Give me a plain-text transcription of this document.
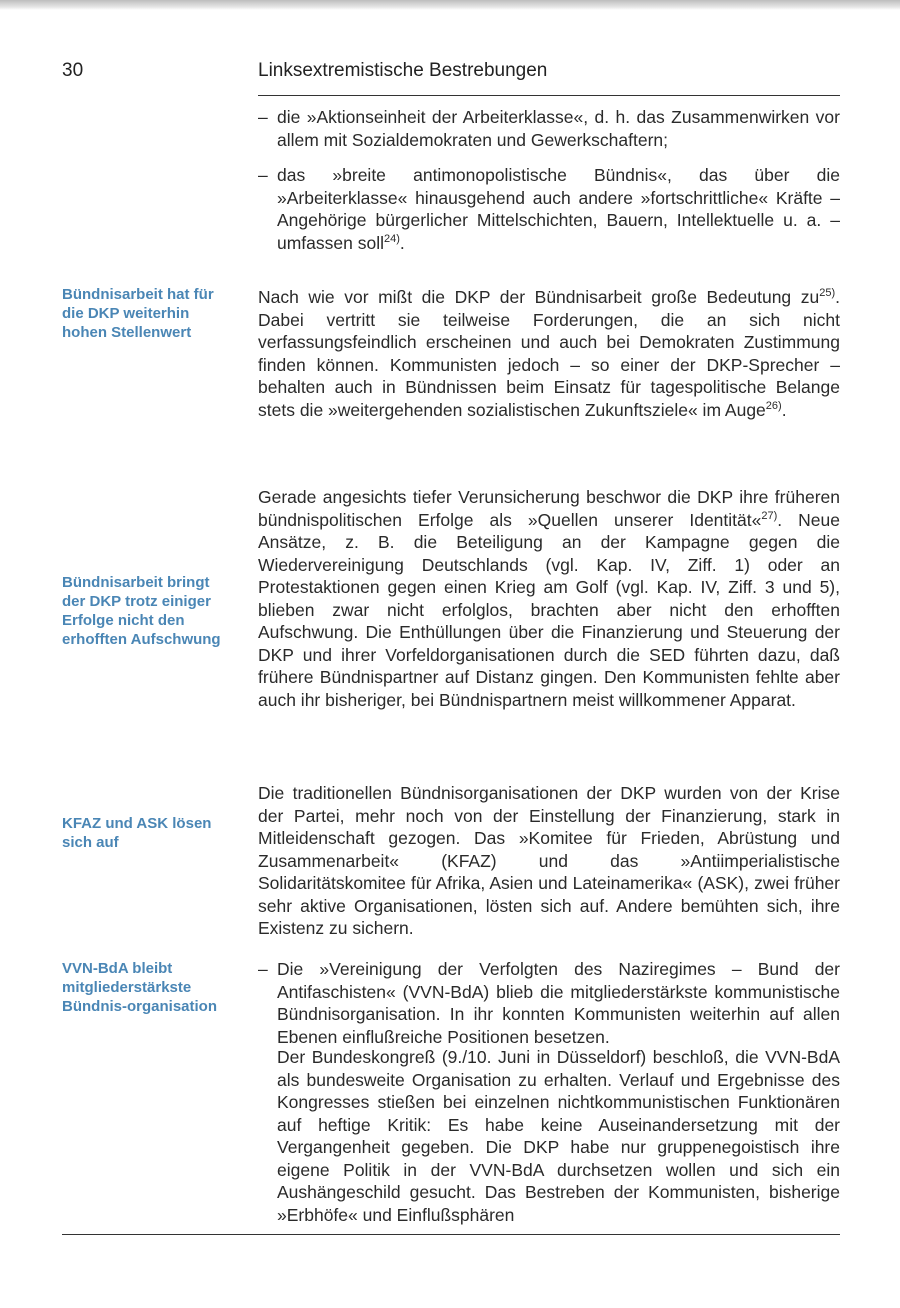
30	Linksextremistische Bestrebungen
– die »Aktionseinheit der Arbeiterklasse«, d. h. das Zusammenwirken vor allem mit Sozialdemokraten und Gewerkschaftern;
– das »breite antimonopolistische Bündnis«, das über die »Arbeiterklasse« hinausgehend auch andere »fortschrittliche« Kräfte – Angehörige bürgerlicher Mittelschichten, Bauern, Intellektuelle u. a. – umfassen soll$^{24)}$.
Bündnisarbeit hat für die DKP weiterhin hohen Stellenwert
Bündnisarbeit bringt der DKP trotz einiger Erfolge nicht den erhofften Aufschwung
KFAZ und ASK lösen sich auf
VVN-BdA bleibt mitgliederstärkste Bündnis-organisation
Nach wie vor mißt die DKP der Bündnisarbeit große Bedeutung $zu^{25)}$. Dabei vertritt sie teilweise Forderungen, die an sich nicht verfassungsfeindlich erscheinen und auch bei Demokraten Zustimmung finden können. Kommunisten jedoch – so einer der DKP-Sprecher – behalten auch in Bündnissen beim Einsatz für tagespolitische Belange stets die »weitergehenden sozialistischen Zukunftsziele« im Auge$^{26)}$.
Gerade angesichts tiefer Verunsicherung beschwor die DKP ihre früheren bündnispolitischen Erfolge als »Quellen unserer Identität«$^{27)}$. Neue Ansätze, z. B. die Beteiligung an der Kampagne gegen die Wiedervereinigung Deutschlands (vgl. Kap. IV, Ziff. 1) oder an Protestaktionen gegen einen Krieg am Golf (vgl. Kap. IV, Ziff. 3 und 5), blieben zwar nicht erfolglos, brachten aber nicht den erhofften Aufschwung. Die Enthüllungen über die Finanzierung und Steuerung der DKP und ihrer Vorfeldorganisationen durch die SED führten dazu, daß frühere Bündnispartner auf Distanz gingen. Den Kommunisten fehlte aber auch ihr bisheriger, bei Bündnispartnern meist willkommener Apparat.
Die traditionellen Bündnisorganisationen der DKP wurden von der Krise der Partei, mehr noch von der Einstellung der Finanzierung, stark in Mitleidenschaft gezogen. Das »Komitee für Frieden, Abrüstung und Zusammenarbeit« (KFAZ) und das »Antiimperialistische Solidaritätskomitee für Afrika, Asien und Lateinamerika« (ASK), zwei früher sehr aktive Organisationen, lösten sich auf. Andere bemühten sich, ihre Existenz zu sichern.
– Die »Vereinigung der Verfolgten des Naziregimes – Bund der Antifaschisten« (VVN-BdA) blieb die mitgliederstärkste kommunistische Bündnisorganisation. In ihr konnten Kommunisten weiterhin auf allen Ebenen einflußreiche Positionen besetzen.
Der Bundeskongreß (9./10. Juni in Düsseldorf) beschloß, die VVN-BdA als bundesweite Organisation zu erhalten. Verlauf und Ergebnisse des Kongresses stießen bei einzelnen nichtkommunistischen Funktionären auf heftige Kritik: Es habe keine Auseinandersetzung mit der Vergangenheit gegeben. Die DKP habe nur gruppenegoistisch ihre eigene Politik in der VVN-BdA durchsetzen wollen und sich ein Aushängeschild gesucht. Das Bestreben der Kommunisten, bisherige »Erbhöfe« und Einflußsphären
